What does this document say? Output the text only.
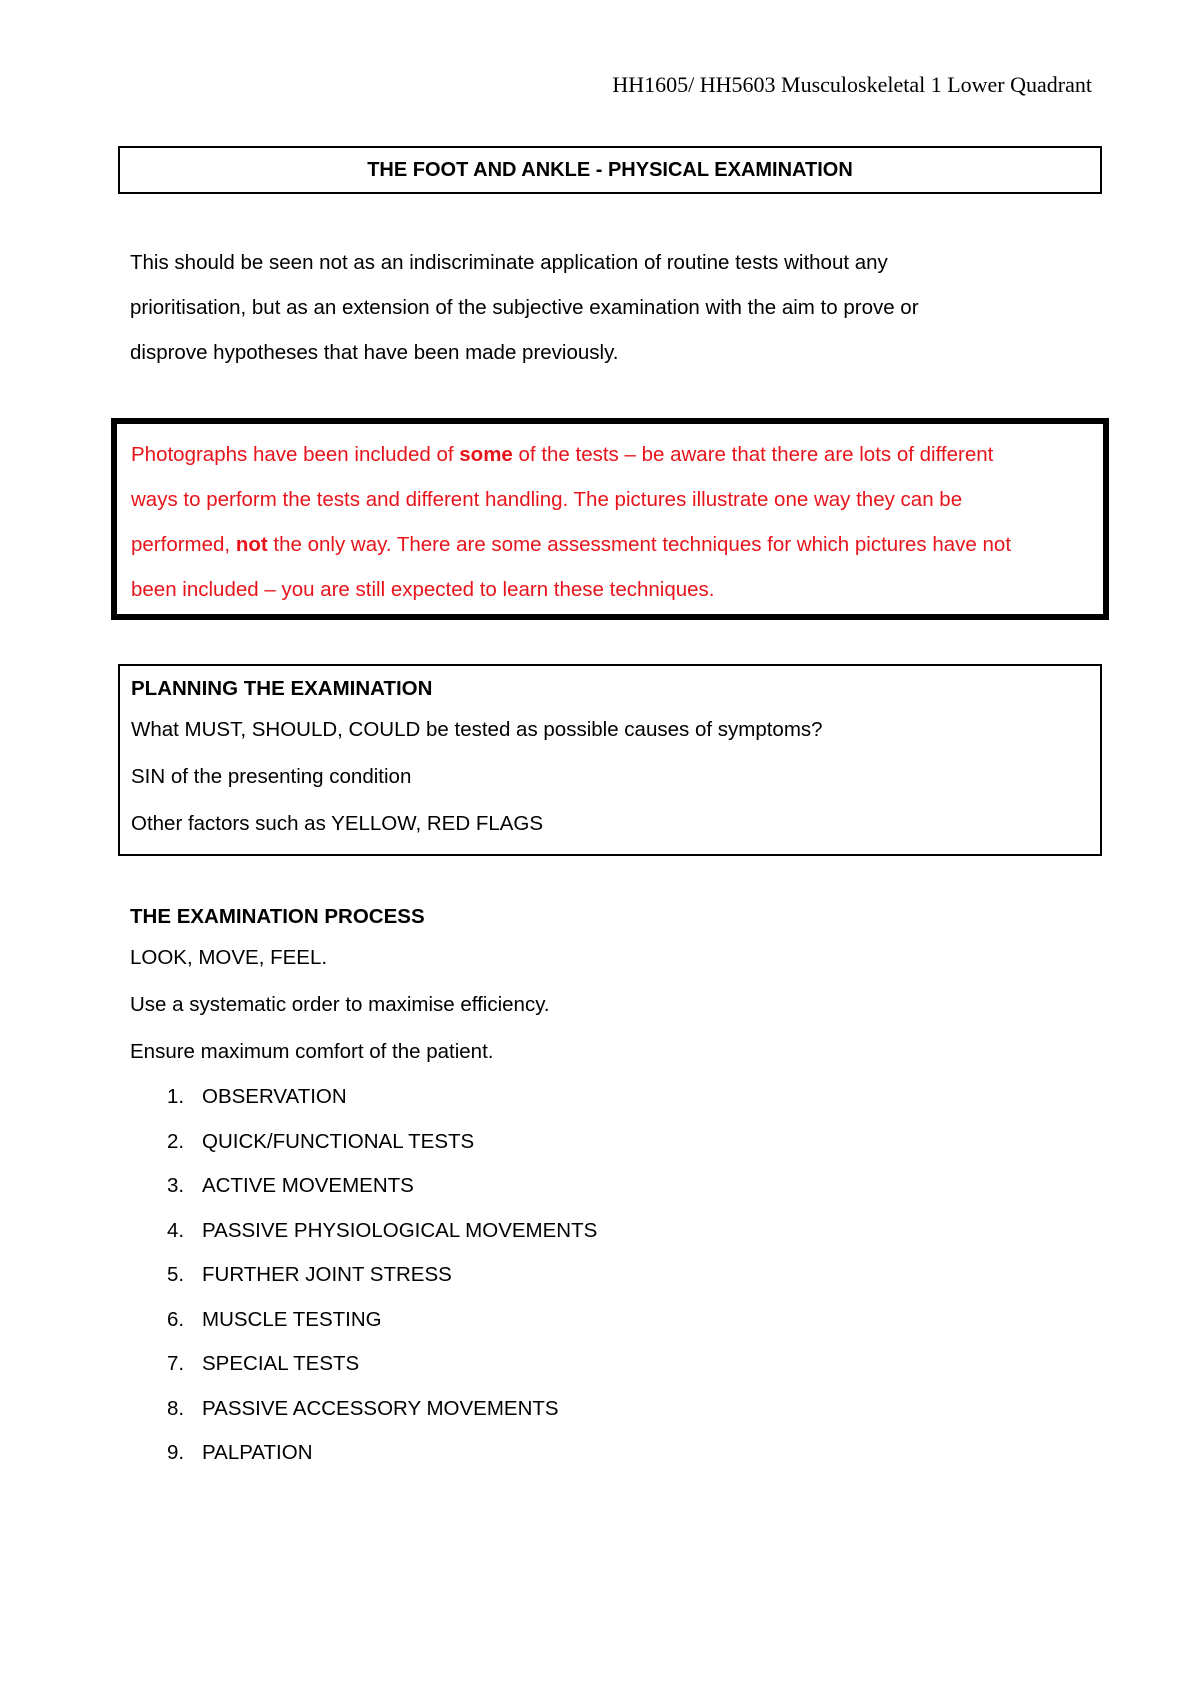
HH1605/ HH5603 Musculoskeletal 1 Lower Quadrant
THE FOOT AND ANKLE - PHYSICAL EXAMINATION
This should be seen not as an indiscriminate application of routine tests without any
prioritisation, but as an extension of the subjective examination with the aim to prove or
disprove hypotheses that have been made previously.
Photographs have been included of some of the tests – be aware that there are lots of different
ways to perform the tests and different handling. The pictures illustrate one way they can be
performed, not the only way. There are some assessment techniques for which pictures have not
been included – you are still expected to learn these techniques.
PLANNING THE EXAMINATION
What MUST, SHOULD, COULD be tested as possible causes of symptoms?
SIN of the presenting condition
Other factors such as YELLOW, RED FLAGS
THE EXAMINATION PROCESS
LOOK, MOVE, FEEL.
Use a systematic order to maximise efficiency.
Ensure maximum comfort of the patient.
1. OBSERVATION
2. QUICK/FUNCTIONAL TESTS
3. ACTIVE MOVEMENTS
4. PASSIVE PHYSIOLOGICAL MOVEMENTS
5. FURTHER JOINT STRESS
6. MUSCLE TESTING
7. SPECIAL TESTS
8. PASSIVE ACCESSORY MOVEMENTS
9. PALPATION
